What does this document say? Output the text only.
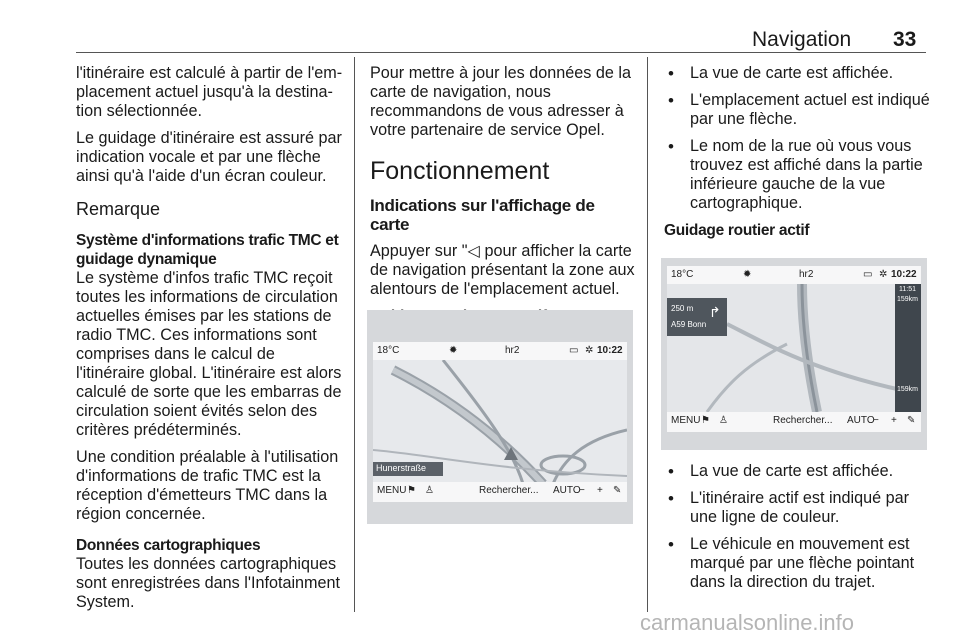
Navigation 33

l'itinéraire est calculé à partir de l'emplacement actuel jusqu'à la destination sélectionnée.

Le guidage d'itinéraire est assuré par indication vocale et par une flèche ainsi qu'à l'aide d'un écran couleur.

Remarque
Système d'informations trafic TMC et guidage dynamique

Le système d'infos trafic TMC reçoit toutes les informations de circulation actuelles émises par les stations de radio TMC. Ces informations sont comprises dans le calcul de l'itinéraire global. L'itinéraire est alors calculé de sorte que les embarras de circulation soient évités selon des critères prédéterminés.

Une condition préalable à l'utilisation d'informations de trafic TMC est la réception d'émetteurs TMC dans la région concernée.

Données cartographiques

Toutes les données cartographiques sont enregistrées dans l'Infotainment System.

Pour mettre à jour les données de la carte de navigation, nous recommandons de vous adresser à votre partenaire de service Opel.

Fonctionnement
Indications sur l'affichage de carte

Appuyer sur "◁ pour afficher la carte de navigation présentant la zone aux alentours de l'emplacement actuel.

18°C	✹	hr2	▭ ✲ 10:22
Hunerstraße
MENU ⚑ ♙	Rechercher... AUTO
− + ✎
• La vue de carte est affichée.
• L'emplacement actuel est indiqué par une flèche.
• Le nom de la rue où vous vous trouvez est affiché dans la partie inférieure gauche de la vue cartographique.
Guidage routier actif
18°C	✹	hr2	▭ ✲ 10:22
250 m
A59 Bonn
↱
11:51
159km
159km
MENU ⚑ ♙	Rechercher... AUTO
− + ✎
• La vue de carte est affichée.
• L'itinéraire actif est indiqué par une ligne de couleur.
• Le véhicule en mouvement est marqué par une flèche pointant dans la direction du trajet.
carmanualsonline.info
